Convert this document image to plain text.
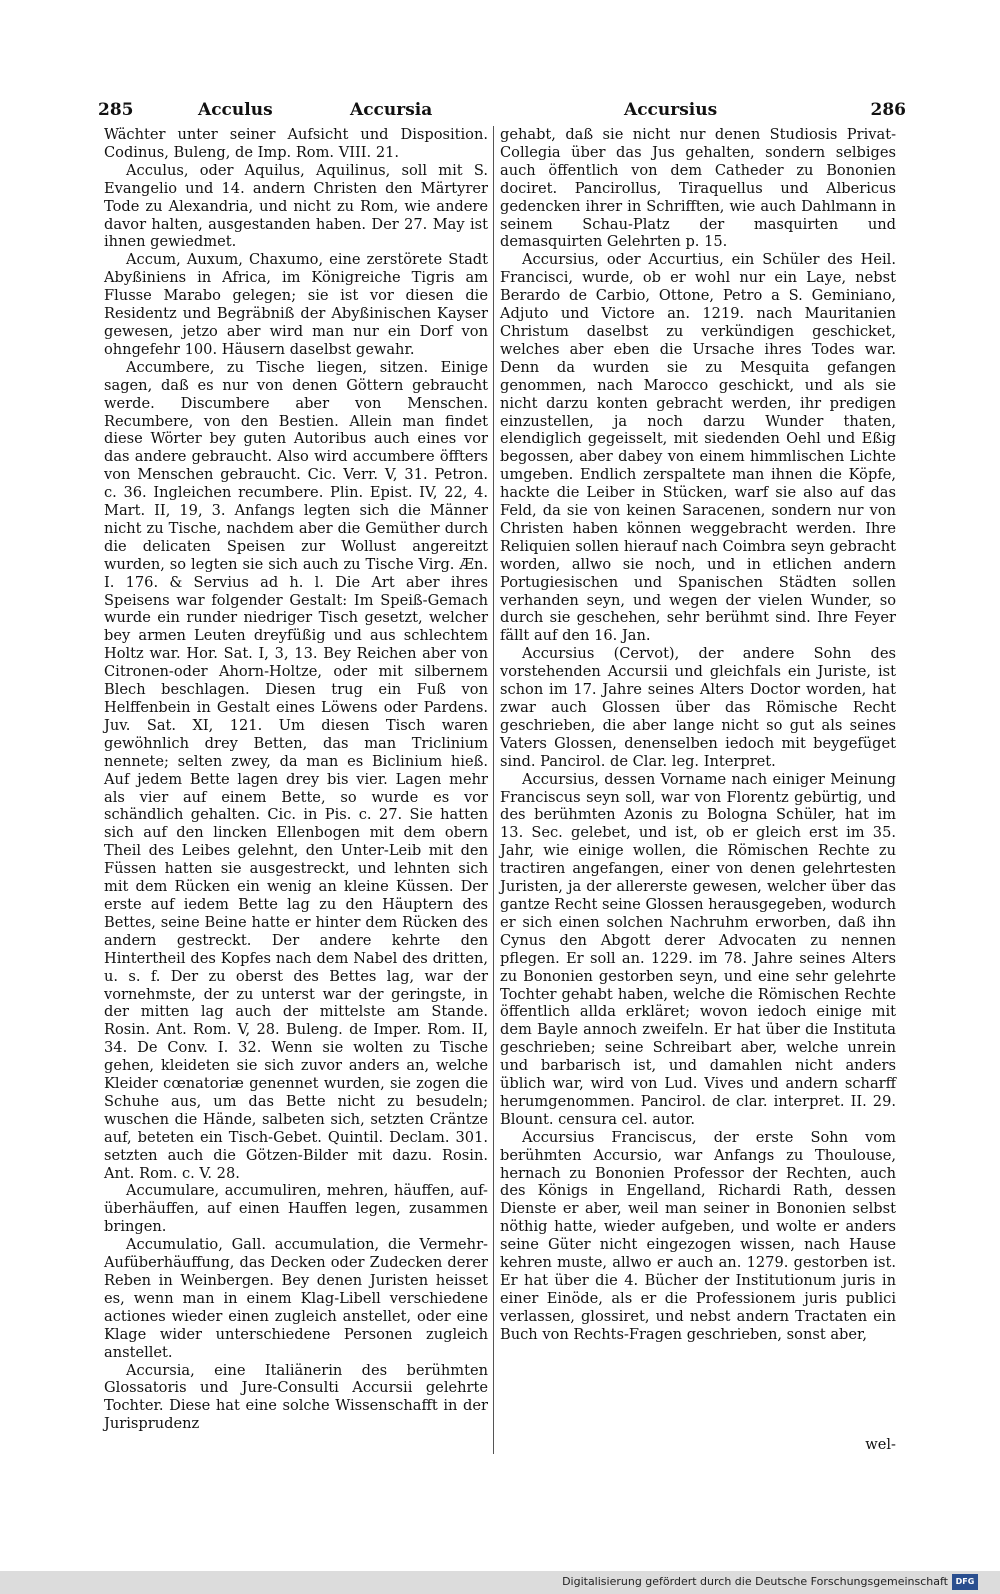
285	Acculus	Accursia	Accursius	286

Wächter unter seiner Aufsicht und Disposition. Codinus, Buleng, de Imp. Rom. VIII. 21.

Acculus, oder Aquilus, Aquilinus, soll mit S. Evangelio und 14. andern Christen den Märtyrer Tode zu Alexandria, und nicht zu Rom, wie andere davor halten, ausgestanden haben. Der 27. May ist ihnen gewiedmet.

Accum, Auxum, Chaxumo, eine zerstörete Stadt Abyßiniens in Africa, im Königreiche Tigris am Flusse Marabo gelegen; sie ist vor diesen die Residentz und Begräbniß der Abyßinischen Kayser gewesen, jetzo aber wird man nur ein Dorf von ohngefehr 100. Häusern daselbst gewahr.

Accumbere, zu Tische liegen, sitzen. Einige sagen, daß es nur von denen Göttern gebraucht werde. Discumbere aber von Menschen. Recumbere, von den Bestien. Allein man findet diese Wörter bey guten Autoribus auch eines vor das andere gebraucht. Also wird accumbere öffters von Menschen gebraucht. Cic. Verr. V, 31. Petron. c. 36. Ingleichen recumbere. Plin. Epist. IV, 22, 4. Mart. II, 19, 3. Anfangs legten sich die Männer nicht zu Tische, nachdem aber die Gemüther durch die delicaten Speisen zur Wollust angereitzt wurden, so legten sie sich auch zu Tische Virg. Æn. I. 176. & Servius ad h. l. Die Art aber ihres Speisens war folgender Gestalt: Im Speiß-Gemach wurde ein runder niedriger Tisch gesetzt, welcher bey armen Leuten dreyfüßig und aus schlechtem Holtz war. Hor. Sat. I, 3, 13. Bey Reichen aber von Citronen-oder Ahorn-Holtze, oder mit silbernem Blech beschlagen. Diesen trug ein Fuß von Helffenbein in Gestalt eines Löwens oder Pardens. Juv. Sat. XI, 121. Um diesen Tisch waren gewöhnlich drey Betten, das man Triclinium nennete; selten zwey, da man es Biclinium hieß. Auf jedem Bette lagen drey bis vier. Lagen mehr als vier auf einem Bette, so wurde es vor schändlich gehalten. Cic. in Pis. c. 27. Sie hatten sich auf den lincken Ellenbogen mit dem obern Theil des Leibes gelehnt, den Unter-Leib mit den Füssen hatten sie ausgestreckt, und lehnten sich mit dem Rücken ein wenig an kleine Küssen. Der erste auf iedem Bette lag zu den Häuptern des Bettes, seine Beine hatte er hinter dem Rücken des andern gestreckt. Der andere kehrte den Hintertheil des Kopfes nach dem Nabel des dritten, u. s. f. Der zu oberst des Bettes lag, war der vornehmste, der zu unterst war der geringste, in der mitten lag auch der mittelste am Stande. Rosin. Ant. Rom. V, 28. Buleng. de Imper. Rom. II, 34. De Conv. I. 32. Wenn sie wolten zu Tische gehen, kleideten sie sich zuvor anders an, welche Kleider cœnatoriæ genennet wurden, sie zogen die Schuhe aus, um das Bette nicht zu besudeln; wuschen die Hände, salbeten sich, setzten Cräntze auf, beteten ein Tisch-Gebet. Quintil. Declam. 301. setzten auch die Götzen-Bilder mit dazu. Rosin. Ant. Rom. c. V. 28.

Accumulare, accumuliren, mehren, häuffen, auf-überhäuffen, auf einen Hauffen legen, zusammen bringen.

Accumulatio, Gall. accumulation, die Vermehr-Aufüberhäuffung, das Decken oder Zudecken derer Reben in Weinbergen. Bey denen Juristen heisset es, wenn man in einem Klag-Libell verschiedene actiones wieder einen zugleich anstellet, oder eine Klage wider unterschiedene Personen zugleich anstellet.

Accursia, eine Italiänerin des berühmten Glossatoris und Jure-Consulti Accursii gelehrte Tochter. Diese hat eine solche Wissenschafft in der Jurisprudenz

gehabt, daß sie nicht nur denen Studiosis Privat-Collegia über das Jus gehalten, sondern selbiges auch öffentlich von dem Catheder zu Bononien dociret. Pancirollus, Tiraquellus und Albericus gedencken ihrer in Schrifften, wie auch Dahlmann in seinem Schau-Platz der masquirten und demasquirten Gelehrten p. 15.

Accursius, oder Accurtius, ein Schüler des Heil. Francisci, wurde, ob er wohl nur ein Laye, nebst Berardo de Carbio, Ottone, Petro a S. Geminiano, Adjuto und Victore an. 1219. nach Mauritanien Christum daselbst zu verkündigen geschicket, welches aber eben die Ursache ihres Todes war. Denn da wurden sie zu Mesquita gefangen genommen, nach Marocco geschickt, und als sie nicht darzu konten gebracht werden, ihr predigen einzustellen, ja noch darzu Wunder thaten, elendiglich gegeisselt, mit siedenden Oehl und Eßig begossen, aber dabey von einem himmlischen Lichte umgeben. Endlich zerspaltete man ihnen die Köpfe, hackte die Leiber in Stücken, warf sie also auf das Feld, da sie von keinen Saracenen, sondern nur von Christen haben können weggebracht werden. Ihre Reliquien sollen hierauf nach Coimbra seyn gebracht worden, allwo sie noch, und in etlichen andern Portugiesischen und Spanischen Städten sollen verhanden seyn, und wegen der vielen Wunder, so durch sie geschehen, sehr berühmt sind. Ihre Feyer fällt auf den 16. Jan.

Accursius (Cervot), der andere Sohn des vorstehenden Accursii und gleichfals ein Juriste, ist schon im 17. Jahre seines Alters Doctor worden, hat zwar auch Glossen über das Römische Recht geschrieben, die aber lange nicht so gut als seines Vaters Glossen, denenselben iedoch mit beygefüget sind. Pancirol. de Clar. leg. Interpret.

Accursius, dessen Vorname nach einiger Meinung Franciscus seyn soll, war von Florentz gebürtig, und des berühmten Azonis zu Bologna Schüler, hat im 13. Sec. gelebet, und ist, ob er gleich erst im 35. Jahr, wie einige wollen, die Römischen Rechte zu tractiren angefangen, einer von denen gelehrtesten Juristen, ja der allererste gewesen, welcher über das gantze Recht seine Glossen herausgegeben, wodurch er sich einen solchen Nachruhm erworben, daß ihn Cynus den Abgott derer Advocaten zu nennen pflegen. Er soll an. 1229. im 78. Jahre seines Alters zu Bononien gestorben seyn, und eine sehr gelehrte Tochter gehabt haben, welche die Römischen Rechte öffentlich allda erkläret; wovon iedoch einige mit dem Bayle annoch zweifeln. Er hat über die Instituta geschrieben; seine Schreibart aber, welche unrein und barbarisch ist, und damahlen nicht anders üblich war, wird von Lud. Vives und andern scharff herumgenommen. Pancirol. de clar. interpret. II. 29. Blount. censura cel. autor.

Accursius Franciscus, der erste Sohn vom berühmten Accursio, war Anfangs zu Thoulouse, hernach zu Bononien Professor der Rechten, auch des Königs in Engelland, Richardi Rath, dessen Dienste er aber, weil man seiner in Bononien selbst nöthig hatte, wieder aufgeben, und wolte er anders seine Güter nicht eingezogen wissen, nach Hause kehren muste, allwo er auch an. 1279. gestorben ist. Er hat über die 4. Bücher der Institutionum juris in einer Einöde, als er die Professionem juris publici verlassen, glossiret, und nebst andern Tractaten ein Buch von Rechts-Fragen geschrieben, sonst aber,

wel-
Digitalisierung gefördert durch die Deutsche Forschungsgemeinschaft DFG
